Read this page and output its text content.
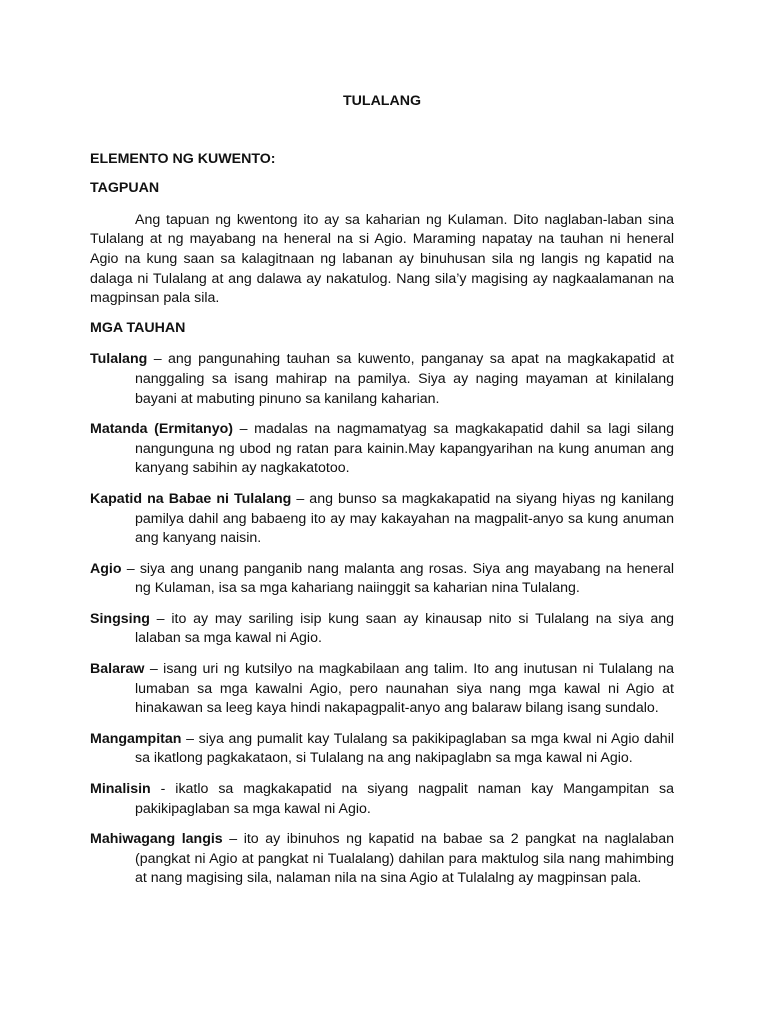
TULALANG
ELEMENTO NG KUWENTO:
TAGPUAN

Ang tapuan ng kwentong ito ay sa kaharian ng Kulaman. Dito naglaban-laban sina Tulalang at ng mayabang na heneral na si Agio. Maraming napatay na tauhan ni heneral Agio na kung saan sa kalagitnaan ng labanan ay binuhusan sila ng langis ng kapatid na dalaga ni Tulalang at ang dalawa ay nakatulog. Nang sila’y magising ay nagkaalamanan na magpinsan pala sila.

MGA TAUHAN

Tulalang – ang pangunahing tauhan sa kuwento, panganay sa apat na magkakapatid at nanggaling sa isang mahirap na pamilya. Siya ay naging mayaman at kinilalang bayani at mabuting pinuno sa kanilang kaharian.

Matanda (Ermitanyo) – madalas na nagmamatyag sa magkakapatid dahil sa lagi silang nangunguna ng ubod ng ratan para kainin.May kapangyarihan na kung anuman ang kanyang sabihin ay nagkakatotoo.

Kapatid na Babae ni Tulalang – ang bunso sa magkakapatid na siyang hiyas ng kanilang pamilya dahil ang babaeng ito ay may kakayahan na magpalit-anyo sa kung anuman ang kanyang naisin.

Agio – siya ang unang panganib nang malanta ang rosas. Siya ang mayabang na heneral ng Kulaman, isa sa mga kahariang naiinggit sa kaharian nina Tulalang.

Singsing – ito ay may sariling isip kung saan ay kinausap nito si Tulalang na siya ang lalaban sa mga kawal ni Agio.

Balaraw – isang uri ng kutsilyo na magkabilaan ang talim. Ito ang inutusan ni Tulalang na lumaban sa mga kawalni Agio, pero naunahan siya nang mga kawal ni Agio at hinakawan sa leeg kaya hindi nakapagpalit-anyo ang balaraw bilang isang sundalo.

Mangampitan – siya ang pumalit kay Tulalang sa pakikipaglaban sa mga kwal ni Agio dahil sa ikatlong pagkakataon, si Tulalang na ang nakipaglabn sa mga kawal ni Agio.

Minalisin - ikatlo sa magkakapatid na siyang nagpalit naman kay Mangampitan sa pakikipaglaban sa mga kawal ni Agio.

Mahiwagang langis – ito ay ibinuhos ng kapatid na babae sa 2 pangkat na naglalaban (pangkat ni Agio at pangkat ni Tualalang) dahilan para maktulog sila nang mahimbing at nang magising sila, nalaman nila na sina Agio at Tulalalng ay magpinsan pala.
